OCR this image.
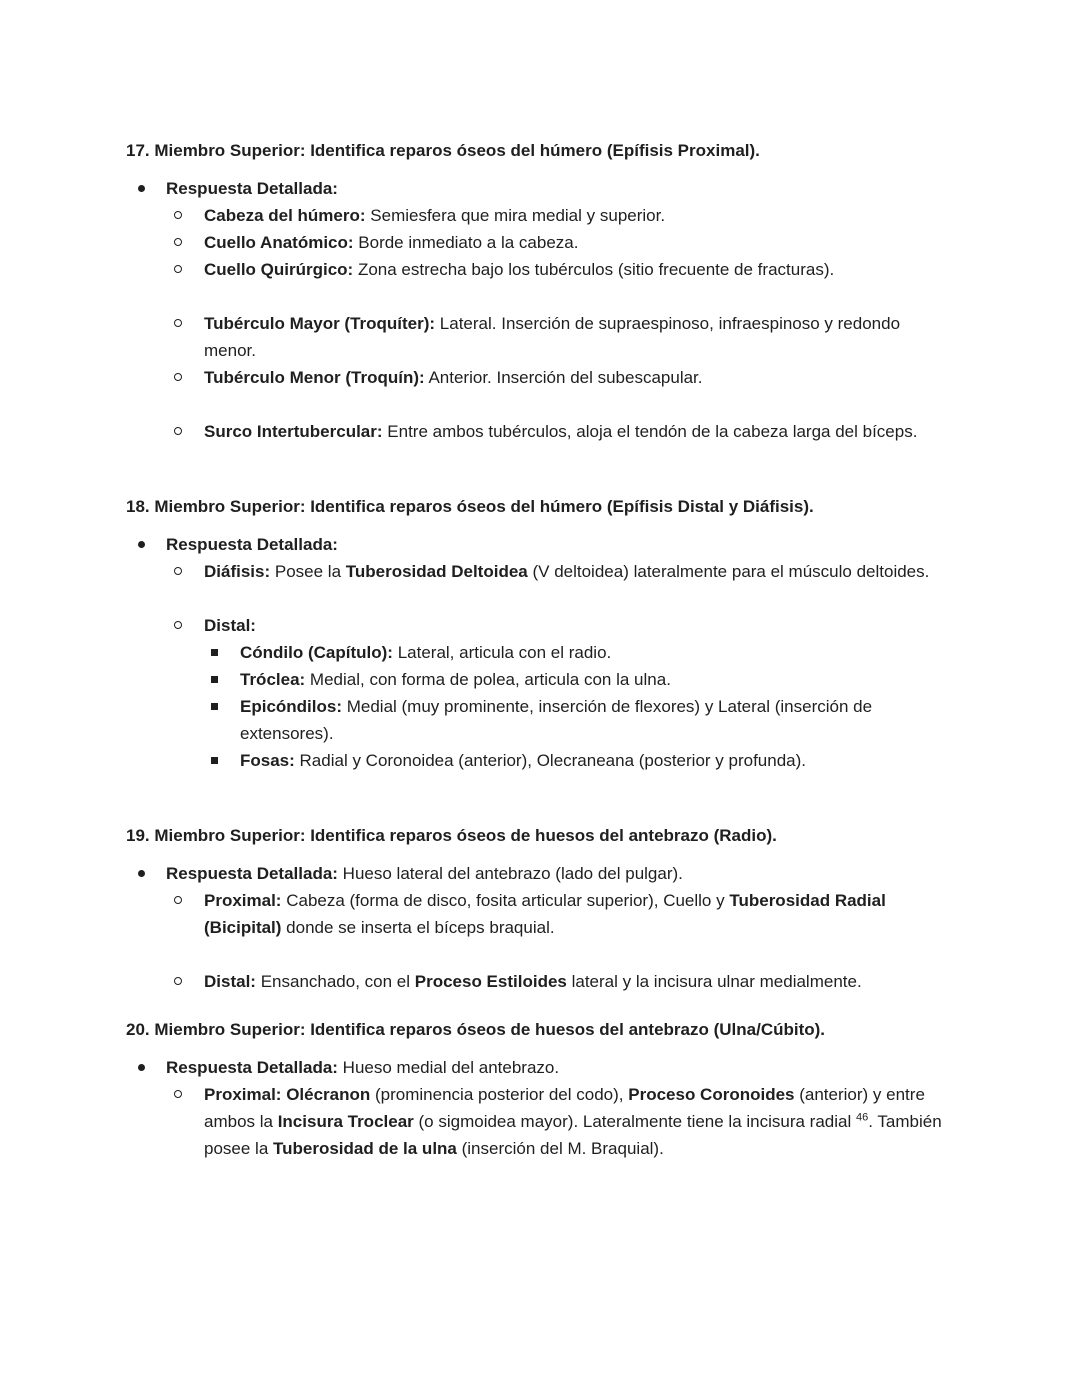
17. Miembro Superior: Identifica reparos óseos del húmero (Epífisis Proximal).

Respuesta Detallada:

Cabeza del húmero: Semiesfera que mira medial y superior.

Cuello Anatómico: Borde inmediato a la cabeza.

Cuello Quirúrgico: Zona estrecha bajo los tubérculos (sitio frecuente de fracturas).

Tubérculo Mayor (Troquíter): Lateral. Inserción de supraespinoso, infraespinoso y redondo menor.

Tubérculo Menor (Troquín): Anterior. Inserción del subescapular.

Surco Intertubercular: Entre ambos tubérculos, aloja el tendón de la cabeza larga del bíceps.

18. Miembro Superior: Identifica reparos óseos del húmero (Epífisis Distal y Diáfisis).

Respuesta Detallada:

Diáfisis: Posee la Tuberosidad Deltoidea (V deltoidea) lateralmente para el músculo deltoides.

Distal:

Cóndilo (Capítulo): Lateral, articula con el radio.

Tróclea: Medial, con forma de polea, articula con la ulna.

Epicóndilos: Medial (muy prominente, inserción de flexores) y Lateral (inserción de extensores).

Fosas: Radial y Coronoidea (anterior), Olecraneana (posterior y profunda).

19. Miembro Superior: Identifica reparos óseos de huesos del antebrazo (Radio).

Respuesta Detallada: Hueso lateral del antebrazo (lado del pulgar).

Proximal: Cabeza (forma de disco, fosita articular superior), Cuello y Tuberosidad Radial (Bicipital) donde se inserta el bíceps braquial.

Distal: Ensanchado, con el Proceso Estiloides lateral y la incisura ulnar medialmente.

20. Miembro Superior: Identifica reparos óseos de huesos del antebrazo (Ulna/Cúbito).

Respuesta Detallada: Hueso medial del antebrazo.

Proximal: Olécranon (prominencia posterior del codo), Proceso Coronoides (anterior) y entre ambos la Incisura Troclear (o sigmoidea mayor). Lateralmente tiene la incisura radial $^{46}$. También posee la Tuberosidad de la ulna (inserción del M. Braquial).
